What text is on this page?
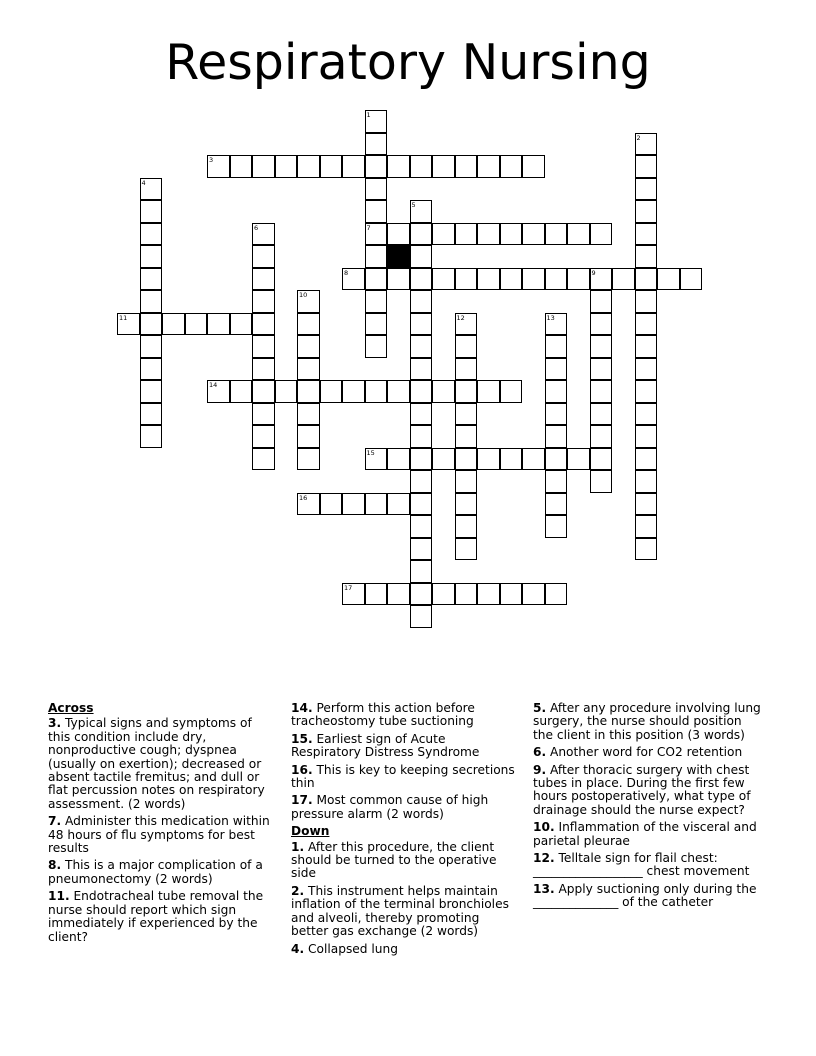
Respiratory Nursing
3
7
8	9
11
14
15
16
17
1
2
4
5
6
10
12	13
Across
3. Typical signs and symptoms of this condition include dry, nonproductive cough; dyspnea (usually on exertion); decreased or absent tactile fremitus; and dull or flat percussion notes on respiratory assessment. (2 words)
7. Administer this medication within 48 hours of flu symptoms for best results
8. This is a major complication of a pneumonectomy (2 words)
11. Endotracheal tube removal the nurse should report which sign immediately if experienced by the client?
14. Perform this action before tracheostomy tube suctioning
15. Earliest sign of Acute Respiratory Distress Syndrome
16. This is key to keeping secretions thin
17. Most common cause of high pressure alarm (2 words)
Down
1. After this procedure, the client should be turned to the operative side
2. This instrument helps maintain inflation of the terminal bronchioles and alveoli, thereby promoting better gas exchange (2 words)
4. Collapsed lung
5. After any procedure involving lung surgery, the nurse should position the client in this position (3 words)
6. Another word for CO2 retention
9. After thoracic surgery with chest tubes in place. During the first few hours postoperatively, what type of drainage should the nurse expect?
10. Inflammation of the visceral and parietal pleurae
12. Telltale sign for flail chest: __________________ chest movement
13. Apply suctioning only during the ______________ of the catheter
